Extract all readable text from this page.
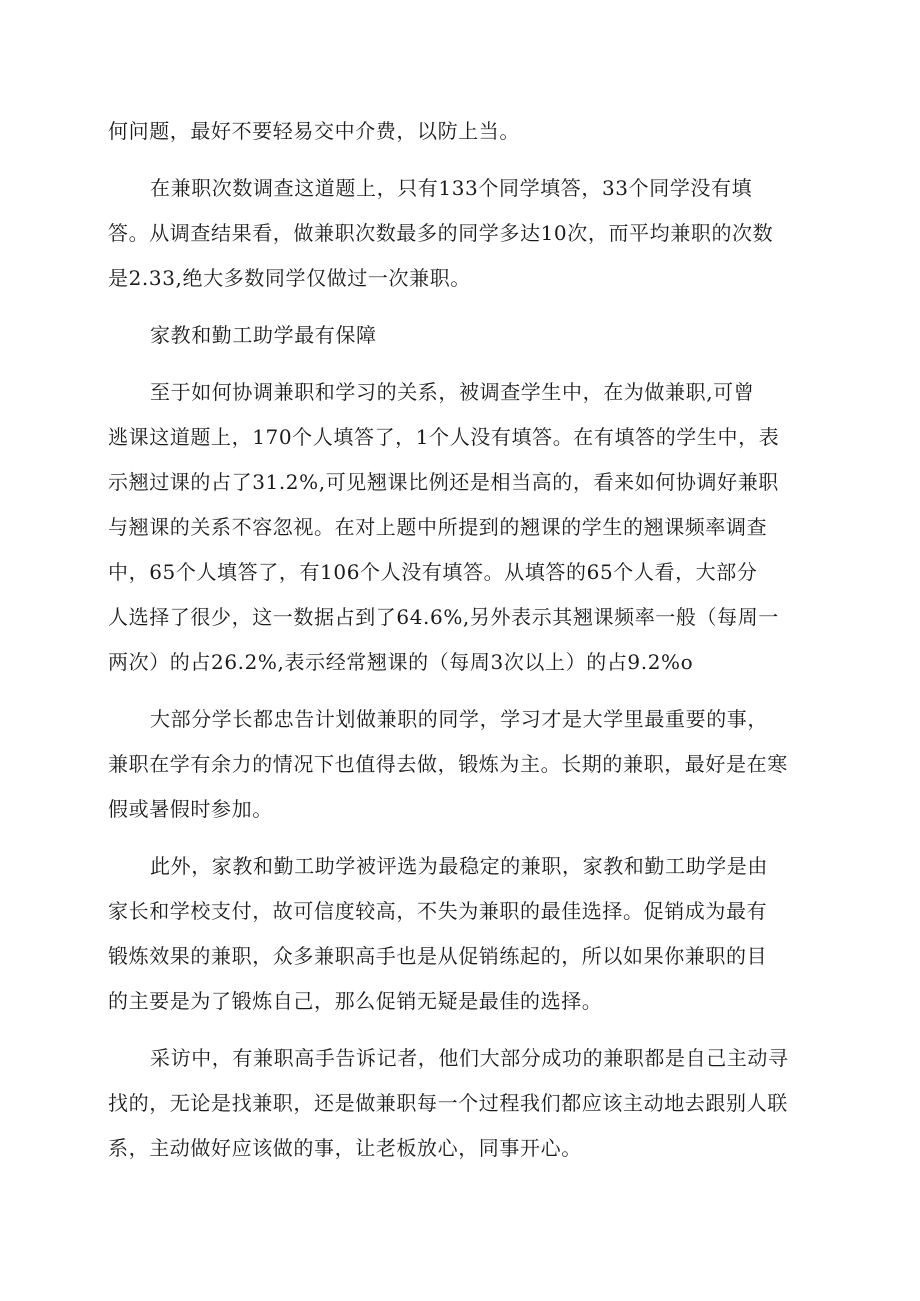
何问题，最好不要轻易交中介费，以防上当。
在兼职次数调查这道题上，只有133个同学填答，33个同学没有填
答。从调查结果看，做兼职次数最多的同学多达10次，而平均兼职的次数
是2.33,绝大多数同学仅做过一次兼职。
家教和勤工助学最有保障
至于如何协调兼职和学习的关系，被调查学生中，在为做兼职,可曾
逃课这道题上，170个人填答了，1个人没有填答。在有填答的学生中，表
示翘过课的占了31.2%,可见翘课比例还是相当高的，看来如何协调好兼职
与翘课的关系不容忽视。在对上题中所提到的翘课的学生的翘课频率调查
中，65个人填答了，有106个人没有填答。从填答的65个人看，大部分
人选择了很少，这一数据占到了64.6%,另外表示其翘课频率一般（每周一
两次）的占26.2%,表示经常翘课的（每周3次以上）的占9.2%o
大部分学长都忠告计划做兼职的同学，学习才是大学里最重要的事，
兼职在学有余力的情况下也值得去做，锻炼为主。长期的兼职，最好是在寒
假或暑假时参加。
此外，家教和勤工助学被评选为最稳定的兼职，家教和勤工助学是由
家长和学校支付，故可信度较高，不失为兼职的最佳选择。促销成为最有
锻炼效果的兼职，众多兼职高手也是从促销练起的，所以如果你兼职的目
的主要是为了锻炼自己，那么促销无疑是最佳的选择。
采访中，有兼职高手告诉记者，他们大部分成功的兼职都是自己主动寻
找的，无论是找兼职，还是做兼职每一个过程我们都应该主动地去跟别人联
系，主动做好应该做的事，让老板放心，同事开心。
